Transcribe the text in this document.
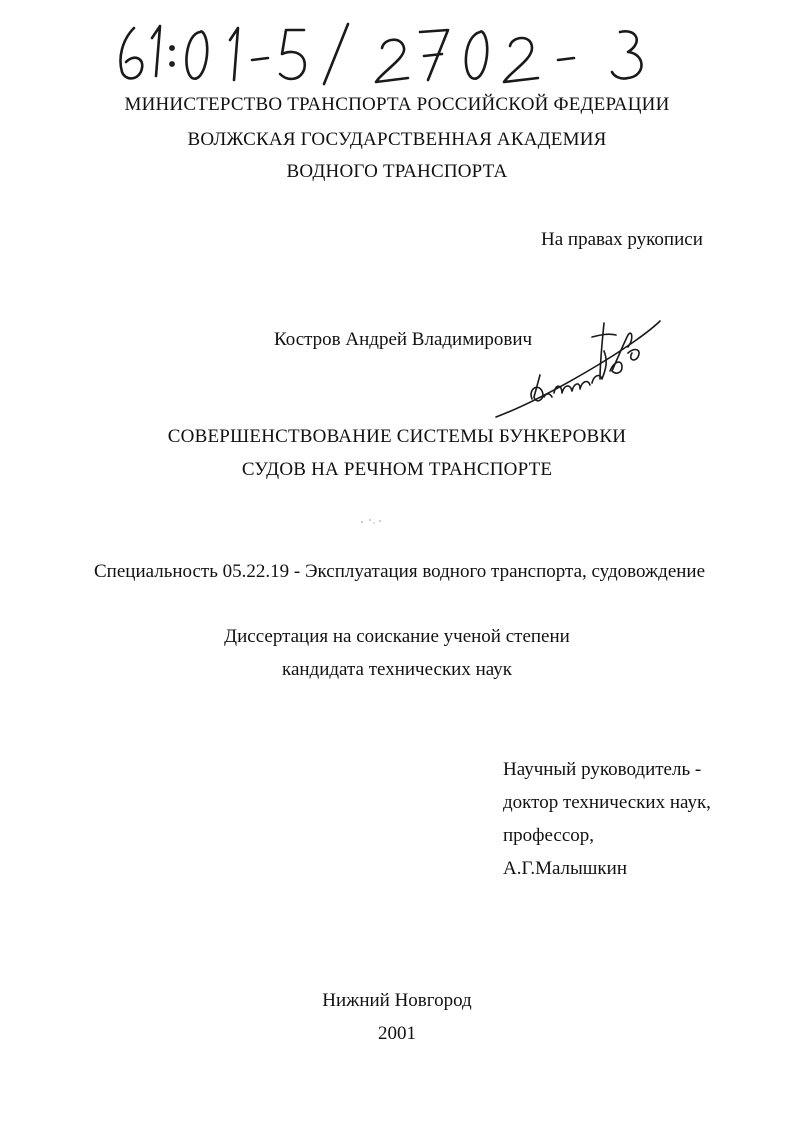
61:01-5/2702-3
МИНИСТЕРСТВО ТРАНСПОРТА РОССИЙСКОЙ ФЕДЕРАЦИИ
ВОЛЖСКАЯ ГОСУДАРСТВЕННАЯ АКАДЕМИЯ
ВОДНОГО ТРАНСПОРТА
На правах рукописи
Костров Андрей Владимирович
СОВЕРШЕНСТВОВАНИЕ СИСТЕМЫ БУНКЕРОВКИ
СУДОВ НА РЕЧНОМ ТРАНСПОРТЕ
Специальность 05.22.19 - Эксплуатация водного транспорта, судовождение
Диссертация на соискание ученой степени
кандидата технических наук
Научный руководитель -
доктор технических наук,
профессор,
А.Г.Малышкин
Нижний Новгород
2001
